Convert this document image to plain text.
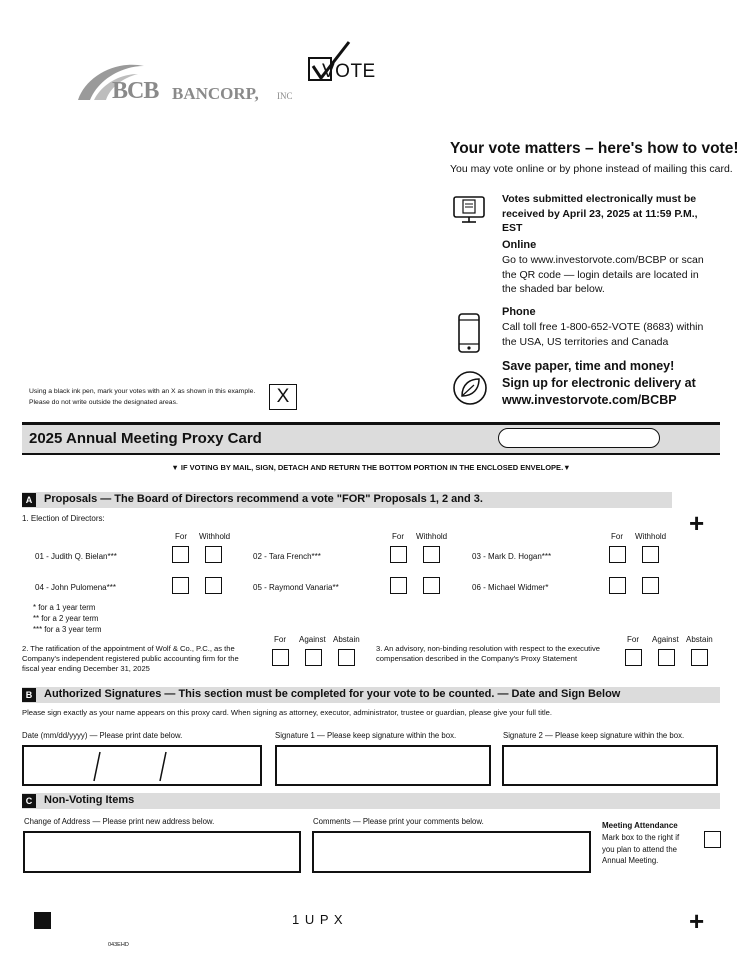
BCB BANCORP, INC
VOTE
Your vote matters – here's how to vote!
You may vote online or by phone instead of mailing this card.
Votes submitted electronically must be received by April 23, 2025 at 11:59 P.M., EST
Online
Go to www.investorvote.com/BCBP or scan the QR code — login details are located in the shaded bar below.
Phone
Call toll free 1-800-652-VOTE (8683) within the USA, US territories and Canada
Save paper, time and money!
Sign up for electronic delivery at
www.investorvote.com/BCBP
Using a black ink pen, mark your votes with an X as shown in this example.
Please do not write outside the designated areas.	X
2025 Annual Meeting Proxy Card
▼ IF VOTING BY MAIL, SIGN, DETACH AND RETURN THE BOTTOM PORTION IN THE ENCLOSED ENVELOPE.▼
A	Proposals — The Board of Directors recommend a vote "FOR" Proposals 1, 2 and 3.
+
1. Election of Directors:
For Withhold	For Withhold	For Withhold
01 - Judith Q. Bielan***	02 - Tara French***	03 - Mark D. Hogan***
04 - John Pulomena***	05 - Raymond Vanaria**	06 - Michael Widmer*
* for a 1 year term
** for a 2 year term
*** for a 3 year term
2. The ratification of the appointment of Wolf & Co., P.C., as the Company's independent registered public accounting firm for the fiscal year ending December 31, 2025
For Against Abstain
3. An advisory, non-binding resolution with respect to the executive compensation described in the Company's Proxy Statement
For Against Abstain
B	Authorized Signatures — This section must be completed for your vote to be counted. — Date and Sign Below
Please sign exactly as your name appears on this proxy card. When signing as attorney, executor, administrator, trustee or guardian, please give your full title.
Date (mm/dd/yyyy) — Please print date below.	Signature 1 — Please keep signature within the box.	Signature 2 — Please keep signature within the box.
C	Non-Voting Items
Change of Address — Please print new address below.	Comments — Please print your comments below.	Meeting Attendance
Mark box to the right if you plan to attend the Annual Meeting.
1 U P X	+
043EHD
